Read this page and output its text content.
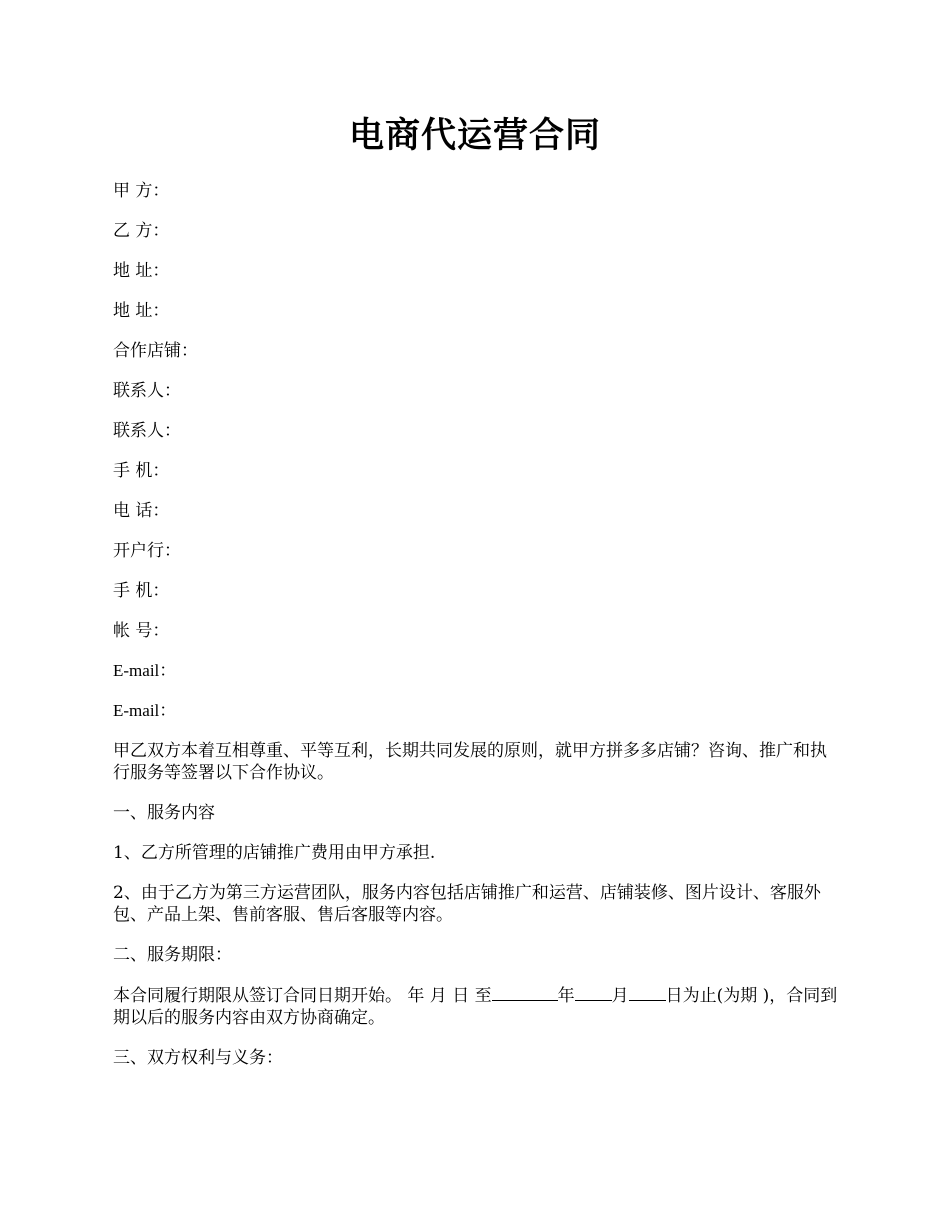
电商代运营合同
甲 方：
乙 方：
地 址：
地 址：
合作店铺：
联系人：
联系人：
手 机：
电 话：
开户行：
手 机：
帐 号：
E-mail：
E-mail：
甲乙双方本着互相尊重、平等互利，长期共同发展的原则，就甲方拼多多店铺？咨询、推广和执行服务等签署以下合作协议。
一、服务内容
1、乙方所管理的店铺推广费用由甲方承担.
2、由于乙方为第三方运营团队，服务内容包括店铺推广和运营、店铺装修、图片设计、客服外包、产品上架、售前客服、售后客服等内容。
二、服务期限：
本合同履行期限从签订合同日期开始。 年 月 日 至	年 月 日为止(为期 )，合同到期以后的服务内容由双方协商确定。
三、双方权利与义务：
